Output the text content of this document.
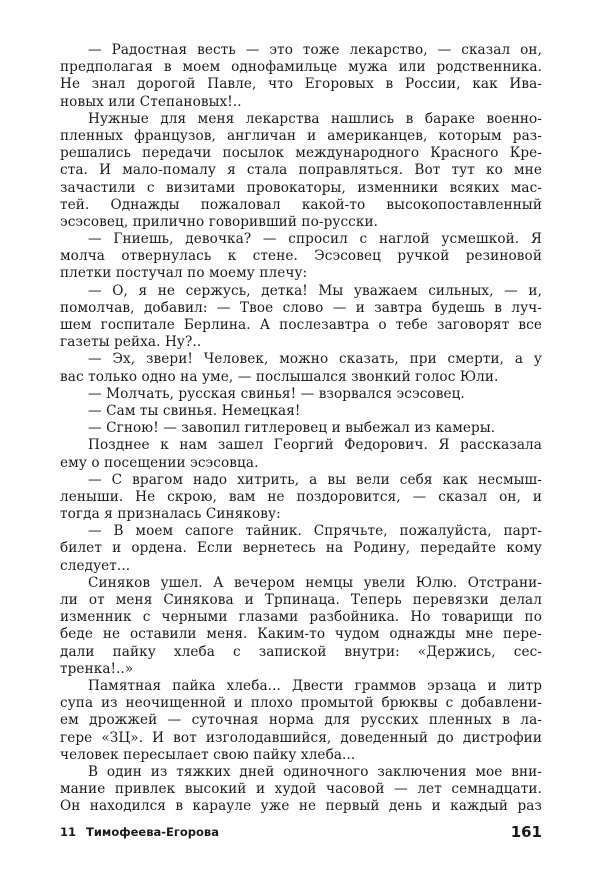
— Радостная весть — это тоже лекарство, — сказал он,
предполагая в моем однофамильце мужа или родственника.
Не знал дорогой Павле, что Егоровых в России, как Ива-
новых или Степановых!..
Нужные для меня лекарства нашлись в бараке военно-
пленных французов, англичан и американцев, которым раз-
решались передачи посылок международного Красного Кре-
ста. И мало-помалу я стала поправляться. Вот тут ко мне
зачастили с визитами провокаторы, изменники всяких мас-
тей. Однажды пожаловал какой-то высокопоставленный
эсэсовец, прилично говоривший по-русски.
— Гниешь, девочка? — спросил с наглой усмешкой. Я
молча отвернулась к стене. Эсэсовец ручкой резиновой
плетки постучал по моему плечу:
— О, я не сержусь, детка! Мы уважаем сильных, — и,
помолчав, добавил: — Твое слово — и завтра будешь в луч-
шем госпитале Берлина. А послезавтра о тебе заговорят все
газеты рейха. Ну?..
— Эх, звери! Человек, можно сказать, при смерти, а у
вас только одно на уме, — послышался звонкий голос Юли.
— Молчать, русская свинья! — взорвался эсэсовец.
— Сам ты свинья. Немецкая!
— Сгною! — завопил гитлеровец и выбежал из камеры.
Позднее к нам зашел Георгий Федорович. Я рассказала
ему о посещении эсэсовца.
— С врагом надо хитрить, а вы вели себя как несмыш-
леныши. Не скрою, вам не поздоровится, — сказал он, и
тогда я призналась Синякову:
— В моем сапоге тайник. Спрячьте, пожалуйста, парт-
билет и ордена. Если вернетесь на Родину, передайте кому
следует...
Синяков ушел. А вечером немцы увели Юлю. Отстрани-
ли от меня Синякова и Трпинаца. Теперь перевязки делал
изменник с черными глазами разбойника. Но товарищи по
беде не оставили меня. Каким-то чудом однажды мне пере-
дали пайку хлеба с запиской внутри: «Держись, сес-
тренка!..»
Памятная пайка хлеба... Двести граммов эрзаца и литр
супа из неочищенной и плохо промытой брюквы с добавлени-
ем дрожжей — суточная норма для русских пленных в ла-
гере «ЗЦ». И вот изголодавшийся, доведенный до дистрофии
человек пересылает свою пайку хлеба...
В один из тяжких дней одиночного заключения мое вни-
мание привлек высокий и худой часовой — лет семнадцати.
Он находился в карауле уже не первый день и каждый раз
11 Тимофеева-Егорова	161
